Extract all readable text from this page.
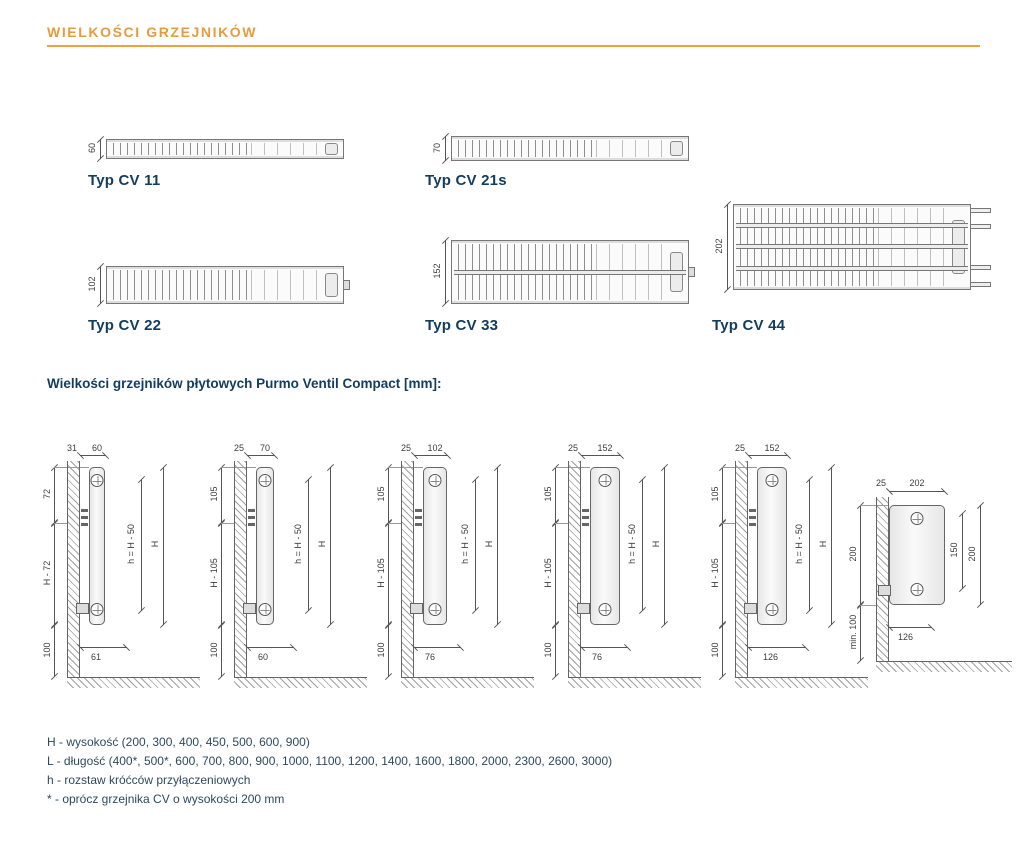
WIELKOŚCI GRZEJNIKÓW
60
Typ CV 11
70
Typ CV 21s
102
Typ CV 22
152
Typ CV 33
202
Typ CV 44
Wielkości grzejników płytowych Purmo Ventil Compact [mm]:
72
H - 72
100
31	60
h = H - 50 H
61
105
H - 105
100
25	70
h = H - 50 H
60
105
H - 105
100
25	102
h = H - 50 H
76
105
H - 105
100
25	152
h = H - 50 H
76
105
H - 105
100
25	152
h = H - 50 H
126
200
min. 100
25	202
150 200
126
H - wysokość (200, 300, 400, 450, 500, 600, 900)
L - długość (400*, 500*, 600, 700, 800, 900, 1000, 1100, 1200, 1400, 1600, 1800, 2000, 2300, 2600, 3000)
h - rozstaw króćców przyłączeniowych
* - oprócz grzejnika CV o wysokości 200 mm
